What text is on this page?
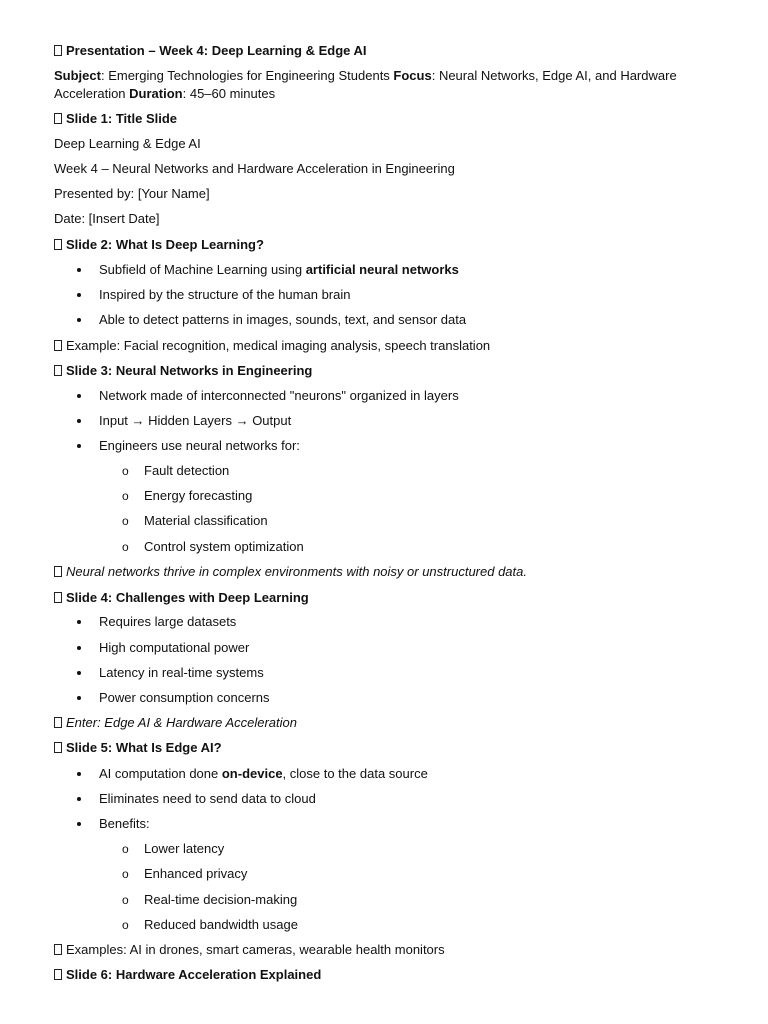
Presentation – Week 4: Deep Learning & Edge AI
Subject: Emerging Technologies for Engineering Students Focus: Neural Networks, Edge AI, and Hardware Acceleration Duration: 45–60 minutes
Slide 1: Title Slide
Deep Learning & Edge AI
Week 4 – Neural Networks and Hardware Acceleration in Engineering
Presented by: [Your Name]
Date: [Insert Date]
Slide 2: What Is Deep Learning?
Subfield of Machine Learning using artificial neural networks
Inspired by the structure of the human brain
Able to detect patterns in images, sounds, text, and sensor data
Example: Facial recognition, medical imaging analysis, speech translation
Slide 3: Neural Networks in Engineering
Network made of interconnected "neurons" organized in layers
Input → Hidden Layers → Output
Engineers use neural networks for:
o Fault detection
o Energy forecasting
o Material classification
o Control system optimization
Neural networks thrive in complex environments with noisy or unstructured data.
Slide 4: Challenges with Deep Learning
Requires large datasets
High computational power
Latency in real-time systems
Power consumption concerns
Enter: Edge AI & Hardware Acceleration
Slide 5: What Is Edge AI?
AI computation done on-device, close to the data source
Eliminates need to send data to cloud
Benefits:
o Lower latency
o Enhanced privacy
o Real-time decision-making
o Reduced bandwidth usage
Examples: AI in drones, smart cameras, wearable health monitors
Slide 6: Hardware Acceleration Explained
